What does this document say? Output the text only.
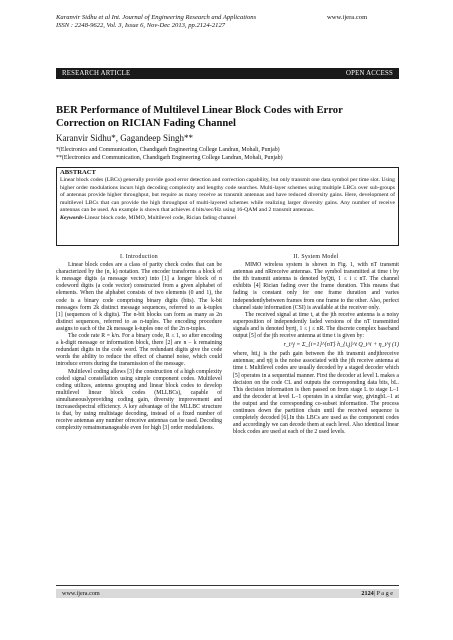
Karanvir Sidhu et al Int. Journal of Engineering Research and Applications
ISSN : 2248-9622, Vol. 3, Issue 6, Nov-Dec 2013, pp.2124-2127
www.ijera.com
RESEARCH ARTICLE	OPEN ACCESS
BER Performance of Multilevel Linear Block Codes with Error Correction on RICIAN Fading Channel
Karanvir Sidhu*, Gagandeep Singh**
*(Electronics and Communication, Chandigarh Engineering College Landran, Mohali, Punjab)
**(Electronics and Communication, Chandigarh Engineering College Landran, Mohali, Punjab)
ABSTRACT
Linear block codes (LBCs) generally provide good error detection and correction capability, but only transmit one data symbol per time slot. Using higher order modulations incurs high decoding complexity and lengthy code searches. Multi-layer schemes using multiple LBCs over sub-groups of antennas provide higher throughput, but require as many receive as transmit antennas and have reduced diversity gains. Here, development of multilevel LBCs that can provide the high throughput of multi-layered schemes while realizing larger diversity gains. Any number of receive antennas can be used. An example is shown that achieves 4 bits/sec/Hz using 16-QAM and 2 transmit antennas.
Keywords-Linear block code, MIMO, Multilevel code, Rician fading channel
I. Introduction

Linear block codes are a class of parity check codes that can be characterized by the (n, k) notation. The encoder transforms a block of k message digits (a message vector) into [1] a longer block of n codeword digits (a code vector) constructed from a given alphabet of elements. When the alphabet consists of two elements (0 and 1), the code is a binary code comprising binary digits (bits). The k-bit messages form 2k distinct message sequences, referred to as k-tuples [1] (sequences of k digits). The n-bit blocks can form as many as 2n distinct sequences, referred to as n-tuples. The encoding procedure assigns to each of the 2k message k-tuples one of the 2n n-tuples.

The code rate R = k/n. For a binary code, R ≤ 1, so after encoding a k-digit message or information block, there [2] are n − k remaining redundant digits in the code word. The redundant digits give the code words the ability to reduce the effect of channel noise, which could introduce errors during the transmission of the message.

Multilevel coding allows [3] the construction of a high complexity coded signal constellation using simple component codes. Multilevel coding utilizes, antenna grouping and linear block codes to develop multilevel linear block codes (MLLBCs), capable of simultaneouslyproviding coding gain, diversity improvement and increasedspectral efficiency. A key advantage of the MLLBC structure is that, by using multistage decoding, instead of a fixed number of receive antennas any number ofreceive antennas can be used. Decoding complexity remainsmanageable even for high [3] order modulations.

II. System Model

MIMO wireless system is shown in Fig. 1, with nT transmit antennas and nRreceive antennas. The symbol transmitted at time t by the ith transmit antenna is denoted byQti, 1 ≤ i ≤ nT. The channel exhibits [4] Rician fading over the frame duration. This means that fading is constant only for one frame duration and varies independentlybetween frames from one frame to the other. Also, perfect channel state information (CSI) is available at the receiver only.

The received signal at time t, at the jth receive antenna is a noisy superposition of independently faded versions of the nT transmitted signals and is denoted byrtj, 1 ≤ j ≤ nR. The discrete complex baseband output [5] of the jth receive antenna at time t is given by:

r_t^j = Σ_{i=1}^{nT} h_{i,j}^t Q_t^i + η_t^j (1)

where, hti,j is the path gain between the ith transmit andjthreceive antennas; and ηtj is the noise associated with the jth receive antenna at time t. Multilevel codes are usually decoded by a staged decoder which [5] operates in a sequential manner. First the decoder at level L makes a decision on the code CL and outputs the corresponding data bits, bL. This decision information is then passed on from stage L to stage L−1 and the decoder at level L−1 operates in a similar way, givingbL−1 at the output and the corresponding co-subset information. The process continues down the partition chain until the received sequence is completely decoded [6].In this LBCs are used as the component codes and accordingly we can decode them at each level. Also identical linear block codes are used at each of the 2 used levels.

www.ijera.com	2124| P a g e
